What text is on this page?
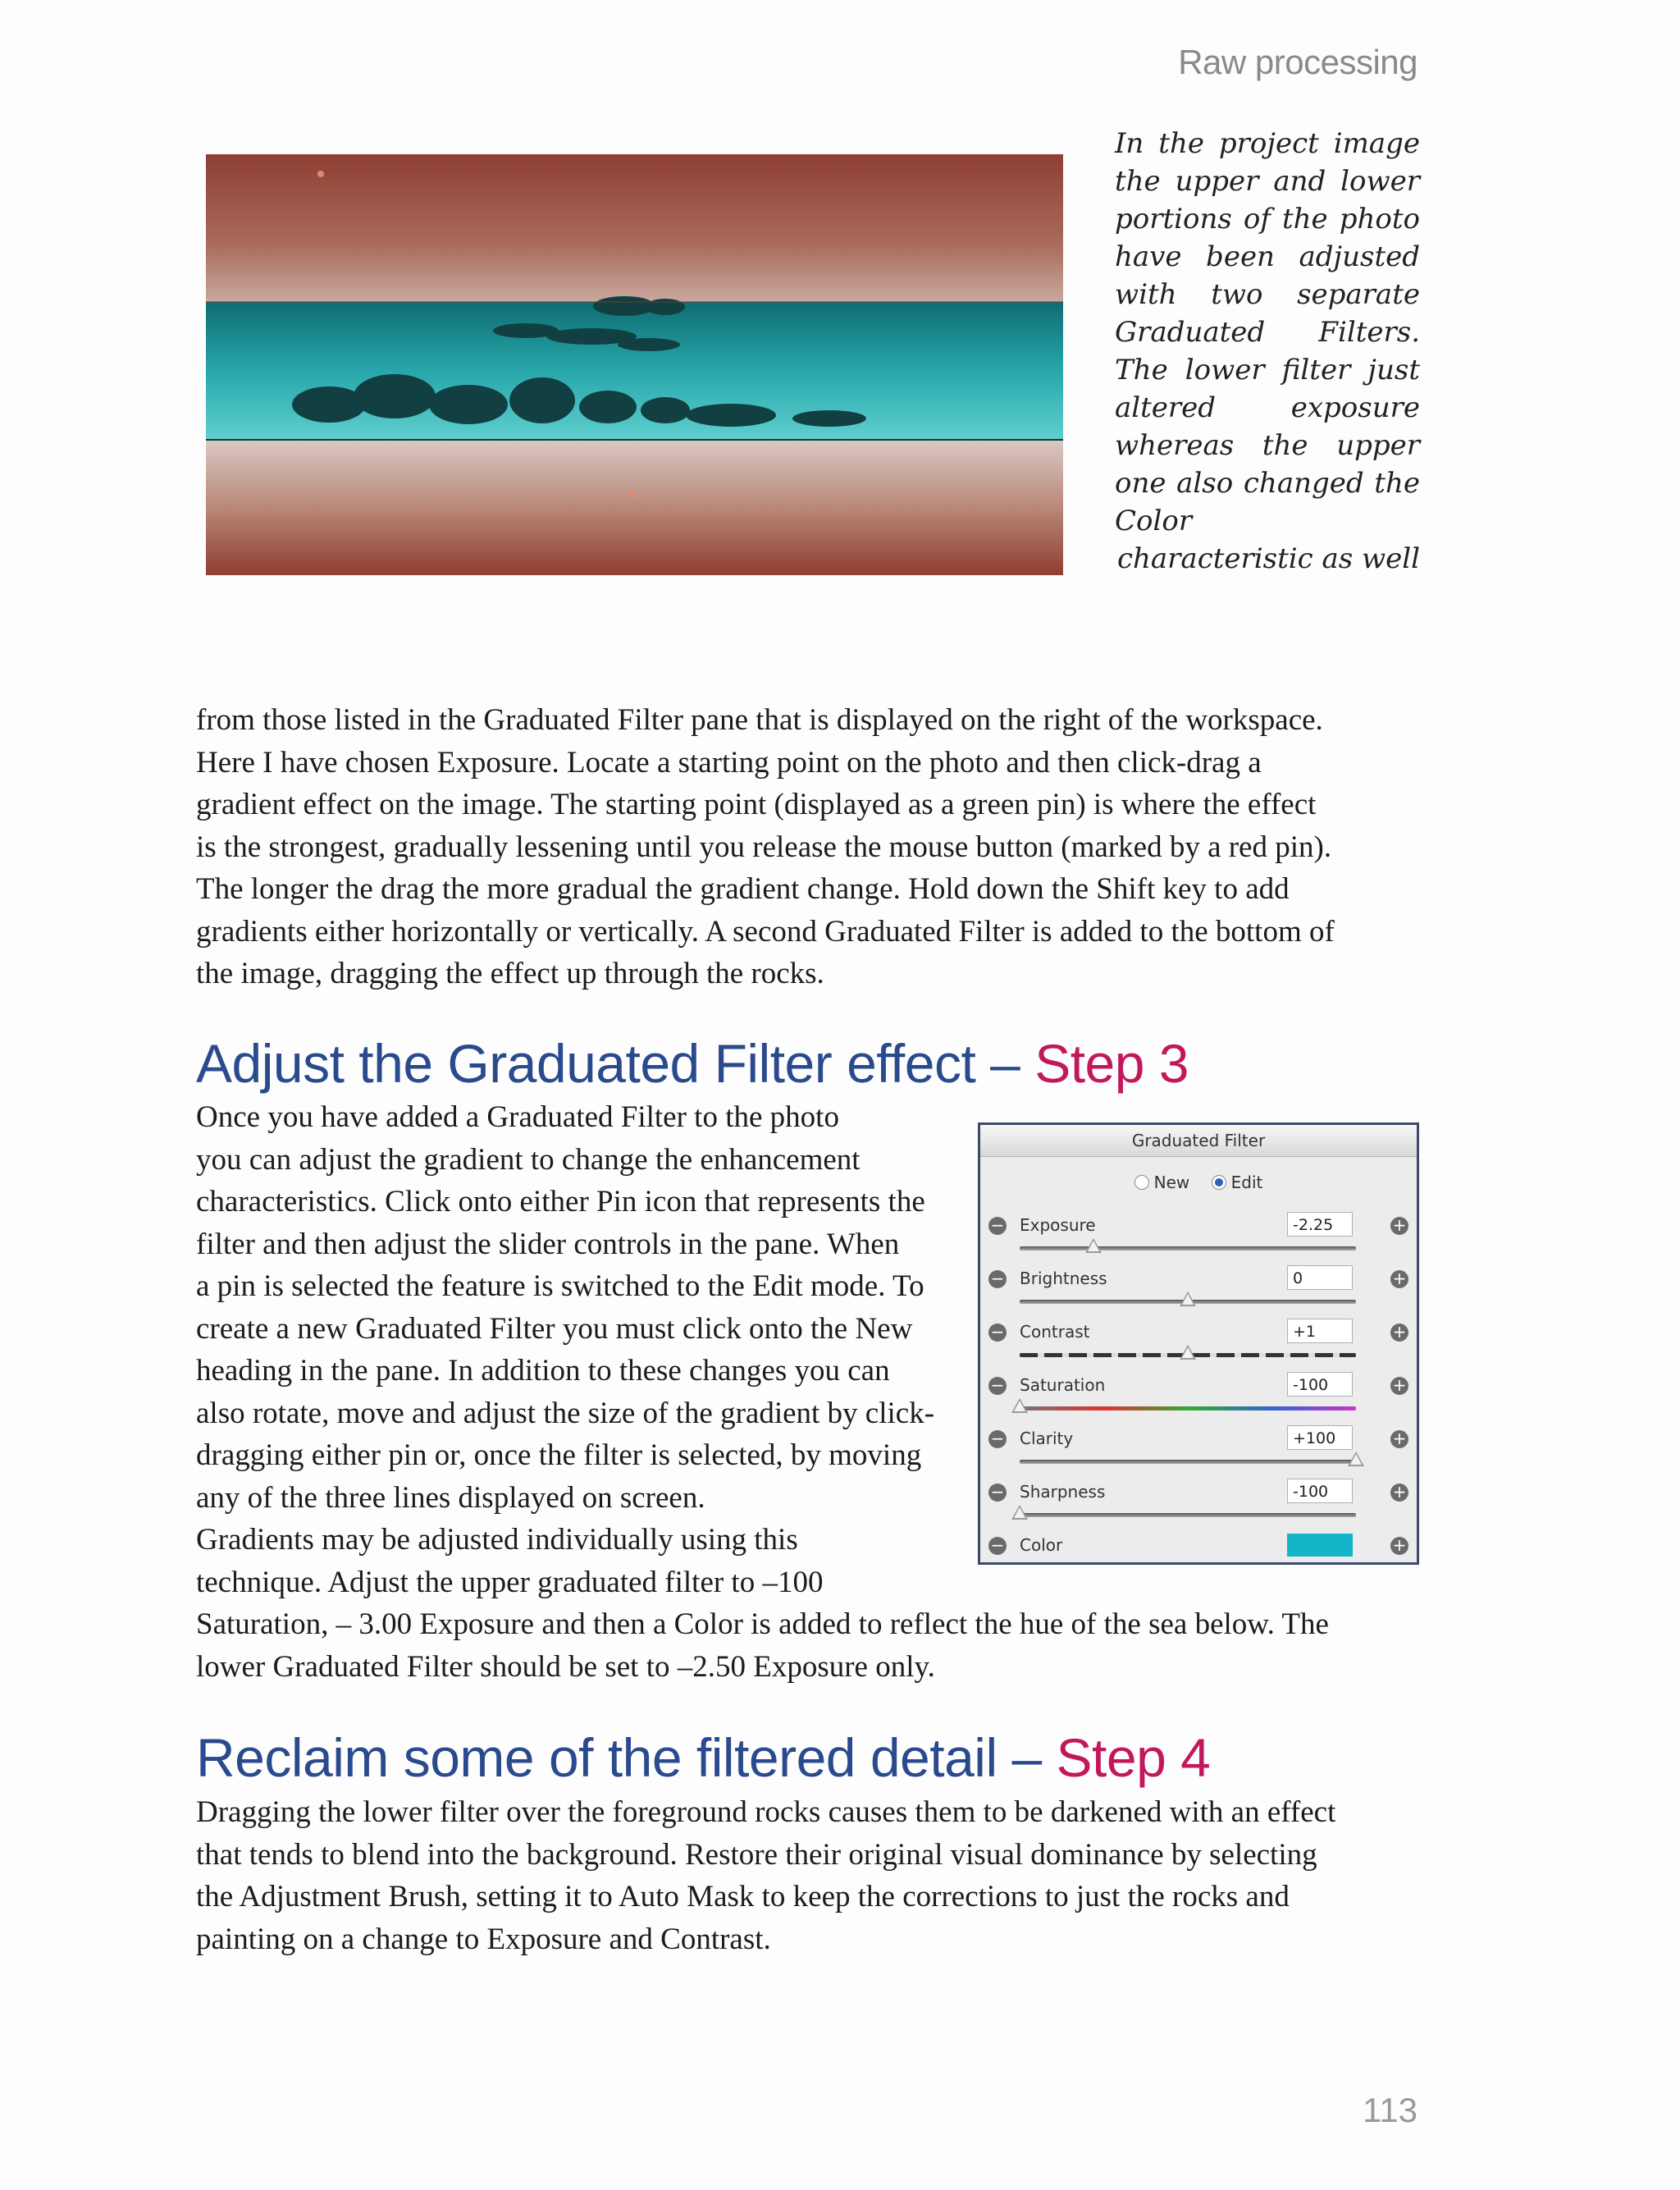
Raw processing
In the project image the upper and lower portions of the photo have been adjusted with two separate Graduated Filters. The lower filter just altered exposure whereas the upper one also changed the Color
characteristic as well
from those listed in the Graduated Filter pane that is displayed on the right of the workspace.
Here I have chosen Exposure. Locate a starting point on the photo and then click-drag a
gradient effect on the image. The starting point (displayed as a green pin) is where the effect
is the strongest, gradually lessening until you release the mouse button (marked by a red pin).
The longer the drag the more gradual the gradient change. Hold down the Shift key to add
gradients either horizontally or vertically. A second Graduated Filter is added to the bottom of
the image, dragging the effect up through the rocks.
Adjust the Graduated Filter effect – Step 3
Once you have added a Graduated Filter to the photo
you can adjust the gradient to change the enhancement
characteristics. Click onto either Pin icon that represents the
filter and then adjust the slider controls in the pane. When
a pin is selected the feature is switched to the Edit mode. To
create a new Graduated Filter you must click onto the New
heading in the pane. In addition to these changes you can
also rotate, move and adjust the size of the gradient by click-
dragging either pin or, once the filter is selected, by moving
any of the three lines displayed on screen.
Gradients may be adjusted individually using this
technique. Adjust the upper graduated filter to –100
Saturation, – 3.00 Exposure and then a Color is added to reflect the hue of the sea below. The
lower Graduated Filter should be set to –2.50 Exposure only.
Graduated Filter
New
	Edit
− Exposure	-2.25	+
− Brightness	0	+
− Contrast	+1	+
− Saturation	-100	+
− Clarity	+100	+
− Sharpness	-100	+
− Color	+
Reclaim some of the filtered detail – Step 4
Dragging the lower filter over the foreground rocks causes them to be darkened with an effect
that tends to blend into the background. Restore their original visual dominance by selecting
the Adjustment Brush, setting it to Auto Mask to keep the corrections to just the rocks and
painting on a change to Exposure and Contrast.
113
